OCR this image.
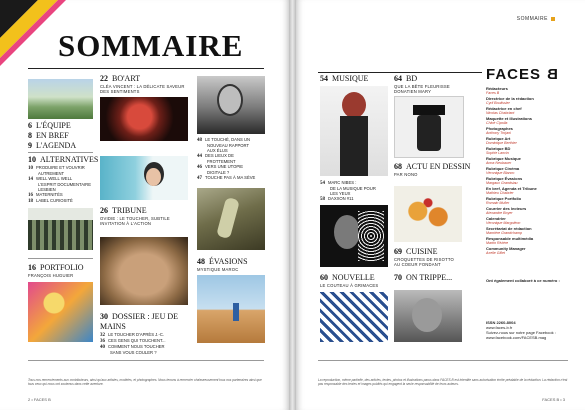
SOMMAIRE
6 L'ÉQUIPE
8 EN BREF
9 L'AGENDA
10 ALTERNATIVES
10 PRODUIRE ET VOUVRIR
AUTREMENT
14 WELL WELL WELL
L'ESPRIT DOCUMENTAIRE
LESBIEN
16 MATERNITÉS
18 LABEL CURIOSITÉ
16 PORTFOLIO
FRANÇOIS HUGUIER
22 BO'ART
CLÉA VINCENT : LA DÉLICATE SAVEUR
DES SENTIMENTS
26 TRIBUNE
OVIDIE : LE TOUCHER, SUBTILE
INVITATION À L'ACTION
30 DOSSIER : JEU DE MAINS
32 LE TOUCHER D'APRÈS J.-C.
36 CES GENS QUI TOUCHENT...
40 COMMENT NOUS TOUCHER
SANS VOUS COULER ?
48 LE TOUCHÉ, DANS UN
NOUVEAU RAPPORT
AUX ÉLUS
44 DES LIEUX DE
FROTTEMENT
46 VERS UNE UTOPIE
DIGITALE ?
47 TOUCHE PAS À MA SÈVE
48 ÉVASIONS
MYSTIQUE MAROC
Tous nos remerciements aux contributeurs, ainsi qu'aux artistes, modèles, et photographes. Nous tenons à remercier chaleureusement tous nos partenaires ainsi que tous ceux qui nous ont soutenus dans cette aventure.
2 • FACES B
SOMMAIRE
54 MUSIQUE
54 MARC NIBES :
DE LA MUSIQUE POUR
LES YEUX
58 DAXXON #11
60 NOUVELLE
LE COUTEAU À GRIMACES
64 BD
QUE LA BÊTE FLEURISSE
DONATIEN MARY
68 ACTU EN DESSIN
PAR NONO
69 CUISINE
CROQUETTES DE RISOTTO
AU COEUR FONDANT
70 ON TRIPPE...
FACES B
Rédacteurs
Faces B
Directrice de la rédaction
Cyril Boulissier
Rédactrice en chef
Nicolas Chabriant
Maquette et illustrations
Chloé Cipolla
Photographes
Anthony Trojani
Rubrique Art
Dominique Berthier
Rubrique BD
Sophie Lanvin
Rubrique Musique
Anna Neubauer
Rubrique Cinéma
Véronique Blanco
Rubrique Évasions
Margaux Grandsiau
En bref, Agenda et Tribune
Mathieu Chabrier
Rubrique Portfolio
Romain Muller
Courrier des lecteurs
Alexandre Boyer
Calendrier
Véronique Margoléon
Secrétariat de rédaction
Marnière Grandchamp
Responsable multimédia
Martin Rivière
Community Manager
Axelle Gillet
Ont également collaboré à ce numéro :
ISSN 2260-8004
www.faces-b.fr
Suivez-nous sur notre page Facebook : www.facebook.com/FACESB.mag
La reproduction, même partielle, des articles, textes, photos et illustrations parus dans FACES B est interdite sans autorisation écrite préalable de la rédaction. La rédaction n'est pas responsable des textes et images publiés qui engagent la seule responsabilité de leurs auteurs.
FACES B • 3
